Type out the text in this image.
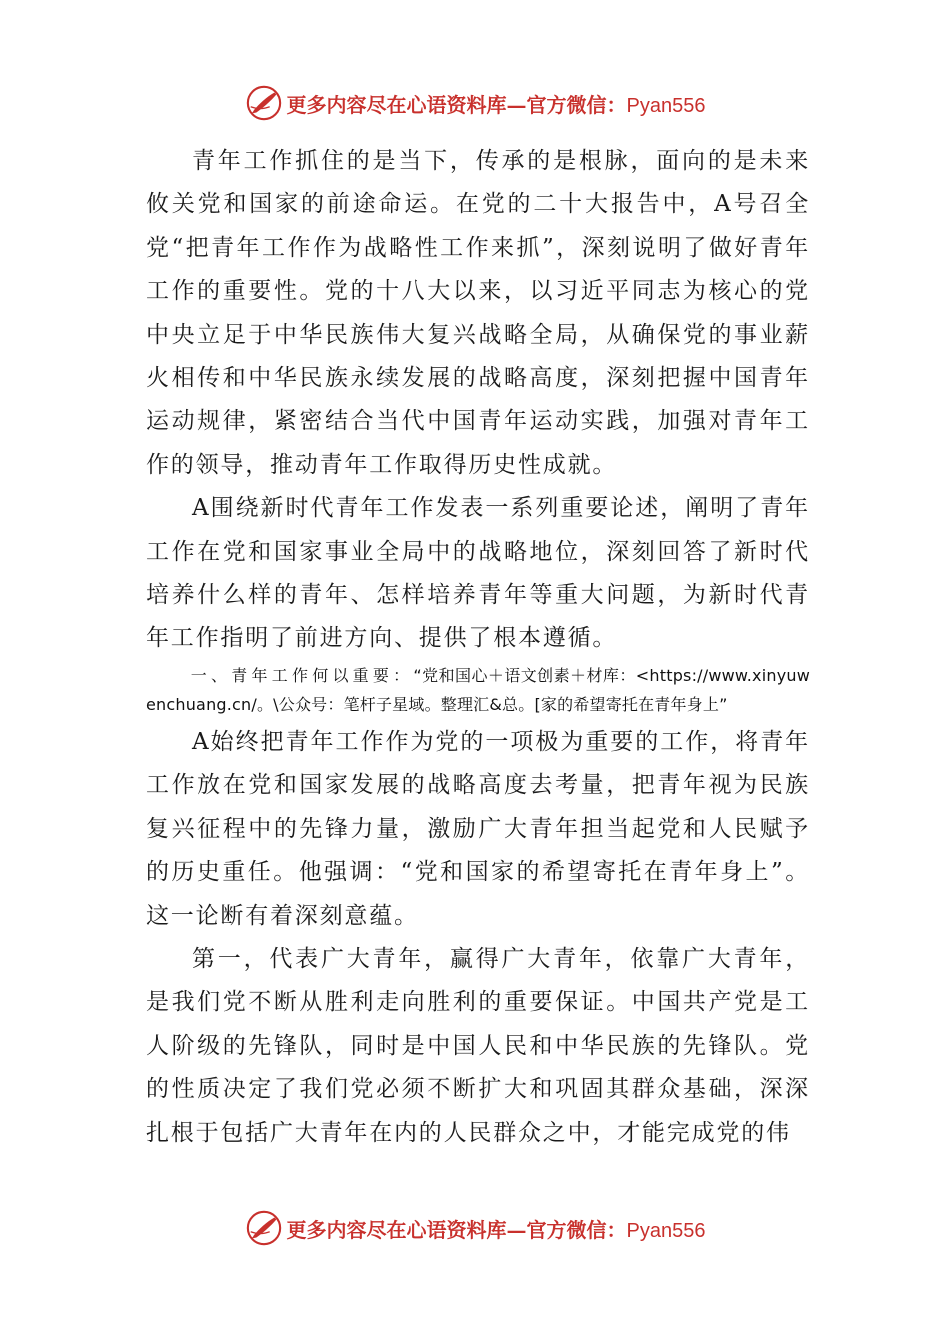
更多内容尽在心语资料库—官方微信：Pyan556

青年工作抓住的是当下，传承的是根脉，面向的是未来攸关党和国家的前途命运。在党的二十大报告中，A号召全党“把青年工作作为战略性工作来抓”，深刻说明了做好青年工作的重要性。党的十八大以来，以习近平同志为核心的党中央立足于中华民族伟大复兴战略全局，从确保党的事业薪火相传和中华民族永续发展的战略高度，深刻把握中国青年运动规律，紧密结合当代中国青年运动实践，加强对青年工作的领导，推动青年工作取得历史性成就。

A围绕新时代青年工作发表一系列重要论述，阐明了青年工作在党和国家事业全局中的战略地位，深刻回答了新时代培养什么样的青年、怎样培养青年等重大问题，为新时代青年工作指明了前进方向、提供了根本遵循。

一、青年工作何以重要：“党和国心＋语文创素＋材库：<https://www.xinyuwenchuang.cn/。\公众号：笔杆子星域。整理汇&总。[家的希望寄托在青年身上”

A始终把青年工作作为党的一项极为重要的工作，将青年工作放在党和国家发展的战略高度去考量，把青年视为民族复兴征程中的先锋力量，激励广大青年担当起党和人民赋予的历史重任。他强调：“党和国家的希望寄托在青年身上”。这一论断有着深刻意蕴。

第一，代表广大青年，赢得广大青年，依靠广大青年，是我们党不断从胜利走向胜利的重要保证。中国共产党是工人阶级的先锋队，同时是中国人民和中华民族的先锋队。党的性质决定了我们党必须不断扩大和巩固其群众基础，深深扎根于包括广大青年在内的人民群众之中，才能完成党的伟

更多内容尽在心语资料库—官方微信：Pyan556
